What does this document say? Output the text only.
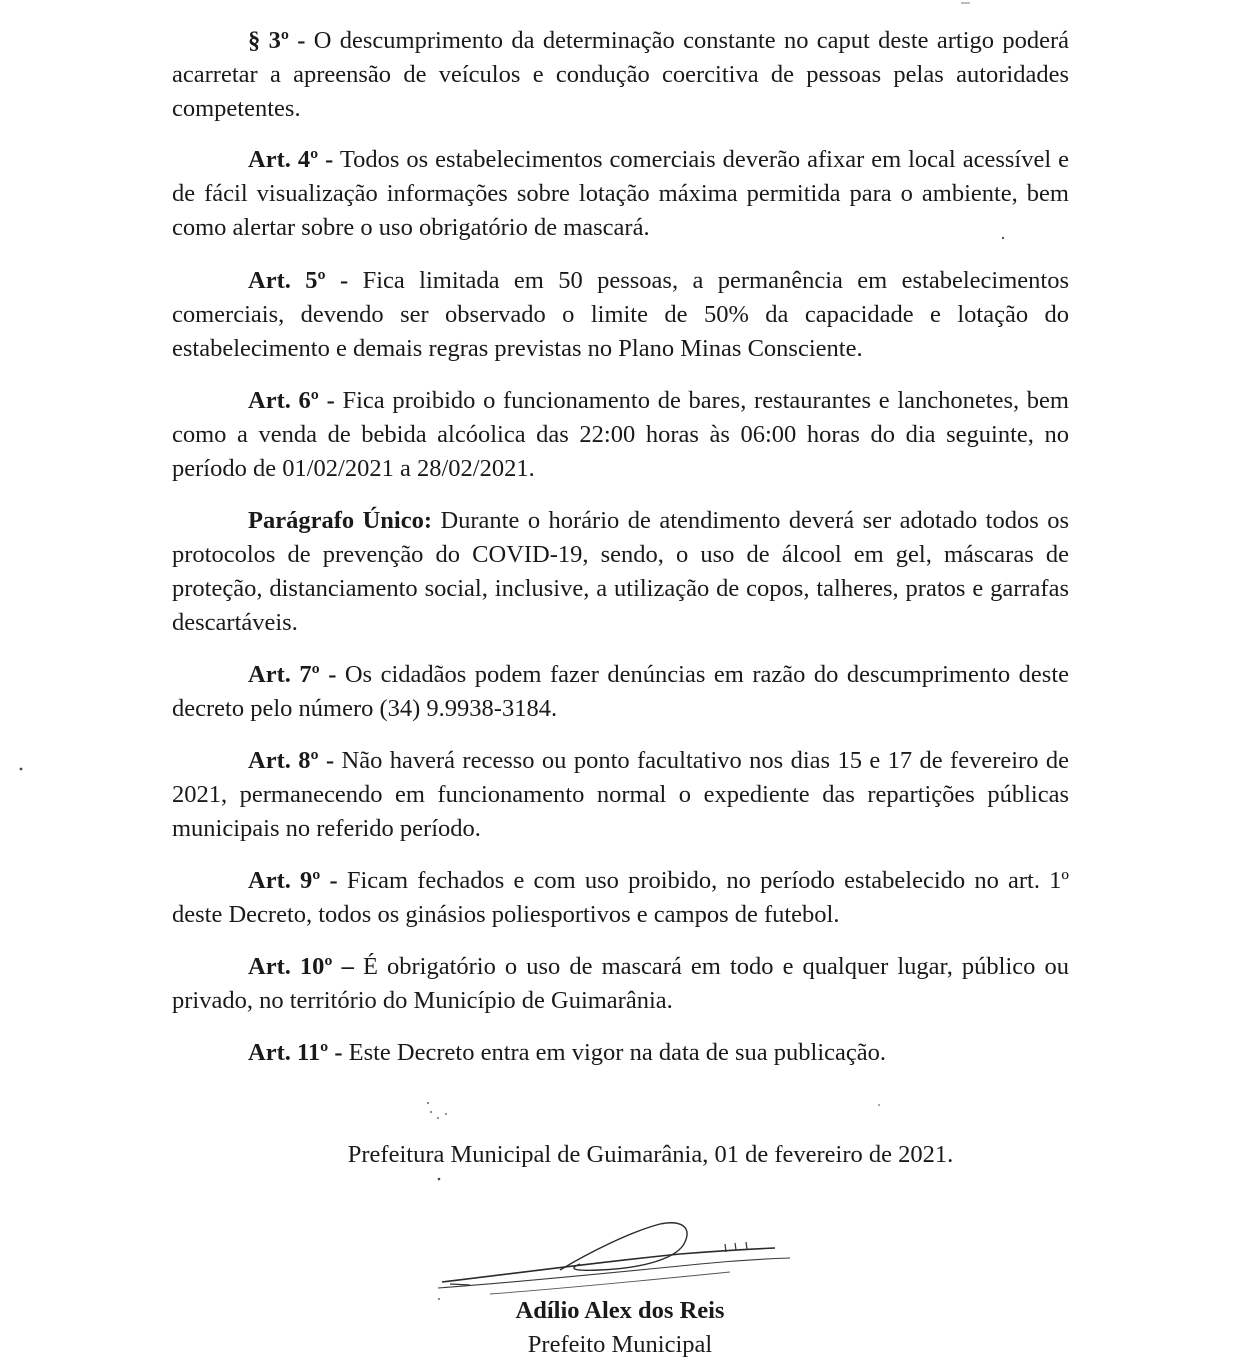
§ 3º - O descumprimento da determinação constante no caput deste artigo poderá acarretar a apreensão de veículos e condução coercitiva de pessoas pelas autoridades competentes.

Art. 4º - Todos os estabelecimentos comerciais deverão afixar em local acessível e de fácil visualização informações sobre lotação máxima permitida para o ambiente, bem como alertar sobre o uso obrigatório de mascará.

Art. 5º - Fica limitada em 50 pessoas, a permanência em estabelecimentos comerciais, devendo ser observado o limite de 50% da capacidade e lotação do estabelecimento e demais regras previstas no Plano Minas Consciente.

Art. 6º - Fica proibido o funcionamento de bares, restaurantes e lanchonetes, bem como a venda de bebida alcóolica das 22:00 horas às 06:00 horas do dia seguinte, no período de 01/02/2021 a 28/02/2021.

Parágrafo Único: Durante o horário de atendimento deverá ser adotado todos os protocolos de prevenção do COVID-19, sendo, o uso de álcool em gel, máscaras de proteção, distanciamento social, inclusive, a utilização de copos, talheres, pratos e garrafas descartáveis.

Art. 7º - Os cidadãos podem fazer denúncias em razão do descumprimento deste decreto pelo número (34) 9.9938-3184.

Art. 8º - Não haverá recesso ou ponto facultativo nos dias 15 e 17 de fevereiro de 2021, permanecendo em funcionamento normal o expediente das repartições públicas municipais no referido período.

Art. 9º - Ficam fechados e com uso proibido, no período estabelecido no art. 1º deste Decreto, todos os ginásios poliesportivos e campos de futebol.

Art. 10º – É obrigatório o uso de mascará em todo e qualquer lugar, público ou privado, no território do Município de Guimarânia.

Art. 11º - Este Decreto entra em vigor na data de sua publicação.

Prefeitura Municipal de Guimarânia, 01 de fevereiro de 2021.
Adílio Alex dos Reis
Prefeito Municipal
